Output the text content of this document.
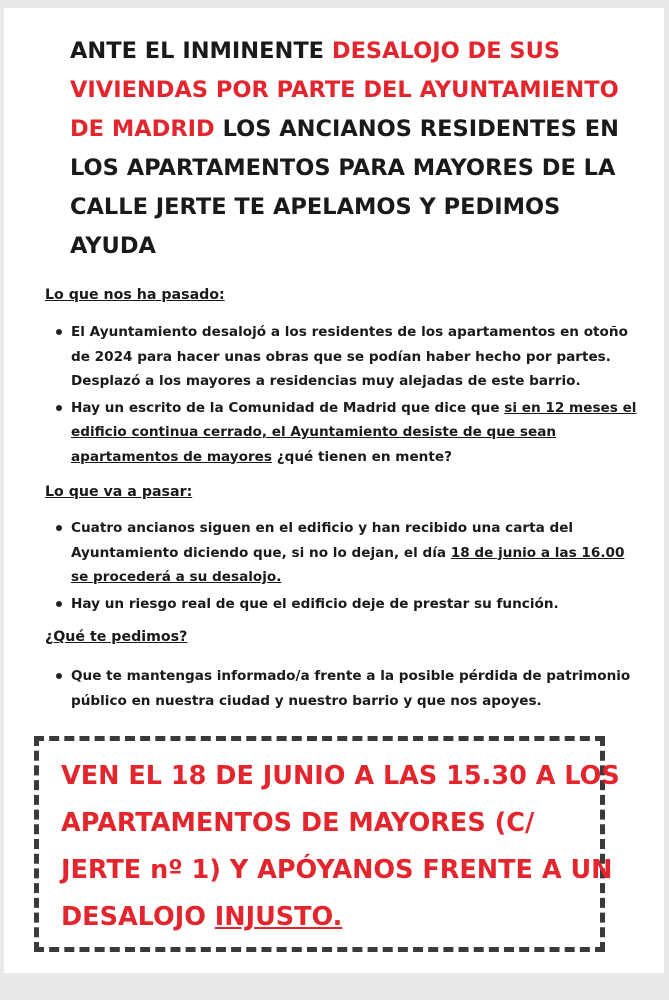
ANTE EL INMINENTE DESALOJO DE SUS VIVIENDAS POR PARTE DEL AYUNTAMIENTO DE MADRID LOS ANCIANOS RESIDENTES EN LOS APARTAMENTOS PARA MAYORES DE LA CALLE JERTE TE APELAMOS Y PEDIMOS AYUDA
Lo que nos ha pasado:
El Ayuntamiento desalojó a los residentes de los apartamentos en otoño de 2024 para hacer unas obras que se podían haber hecho por partes. Desplazó a los mayores a residencias muy alejadas de este barrio.
Hay un escrito de la Comunidad de Madrid que dice que si en 12 meses el edificio continua cerrado, el Ayuntamiento desiste de que sean apartamentos de mayores ¿qué tienen en mente?
Lo que va a pasar:
Cuatro ancianos siguen en el edificio y han recibido una carta del Ayuntamiento diciendo que, si no lo dejan, el día 18 de junio a las 16.00 se procederá a su desalojo.
Hay un riesgo real de que el edificio deje de prestar su función.
¿Qué te pedimos?
Que te mantengas informado/a frente a la posible pérdida de patrimonio público en nuestra ciudad y nuestro barrio y que nos apoyes.

VEN EL 18 DE JUNIO A LAS 15.30 A LOS APARTAMENTOS DE MAYORES (C/ JERTE nº 1) Y APÓYANOS FRENTE A UN DESALOJO INJUSTO.
